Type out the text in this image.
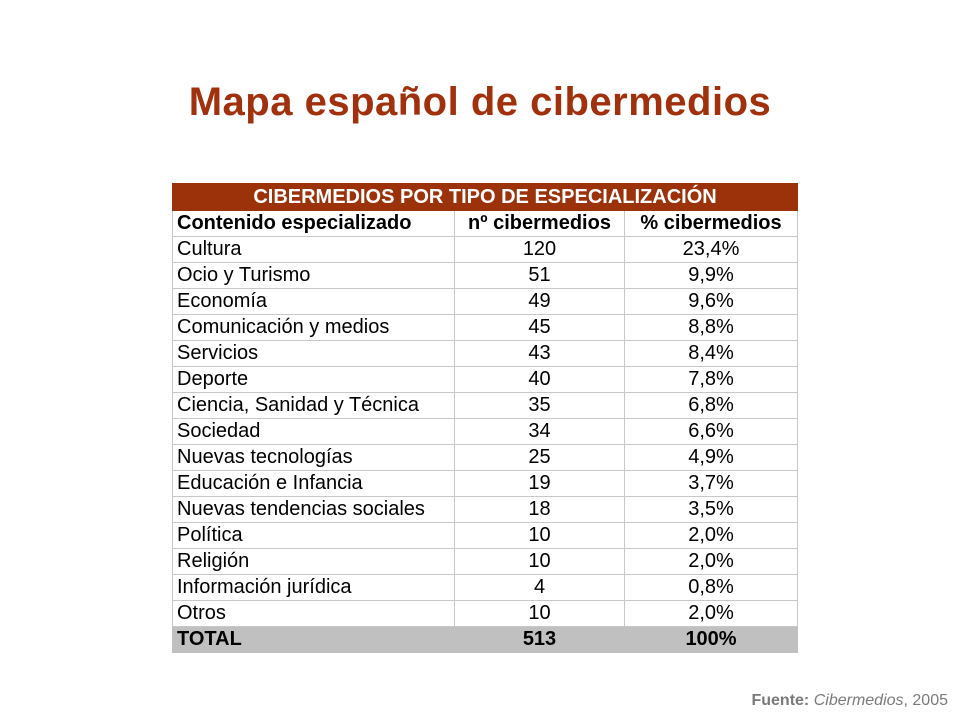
Mapa español de cibermedios
CIBERMEDIOS POR TIPO DE ESPECIALIZACIÓN		
Contenido especializado	nº cibermedios	% cibermedios
Cultura	120	23,4%
Ocio y Turismo	51	9,9%
Economía	49	9,6%
Comunicación y medios	45	8,8%
Servicios	43	8,4%
Deporte	40	7,8%
Ciencia, Sanidad y Técnica	35	6,8%
Sociedad	34	6,6%
Nuevas tecnologías	25	4,9%
Educación e Infancia	19	3,7%
Nuevas tendencias sociales	18	3,5%
Política	10	2,0%
Religión	10	2,0%
Información jurídica	4	0,8%
Otros	10	2,0%
TOTAL	513	100%
Fuente: Cibermedios, 2005
